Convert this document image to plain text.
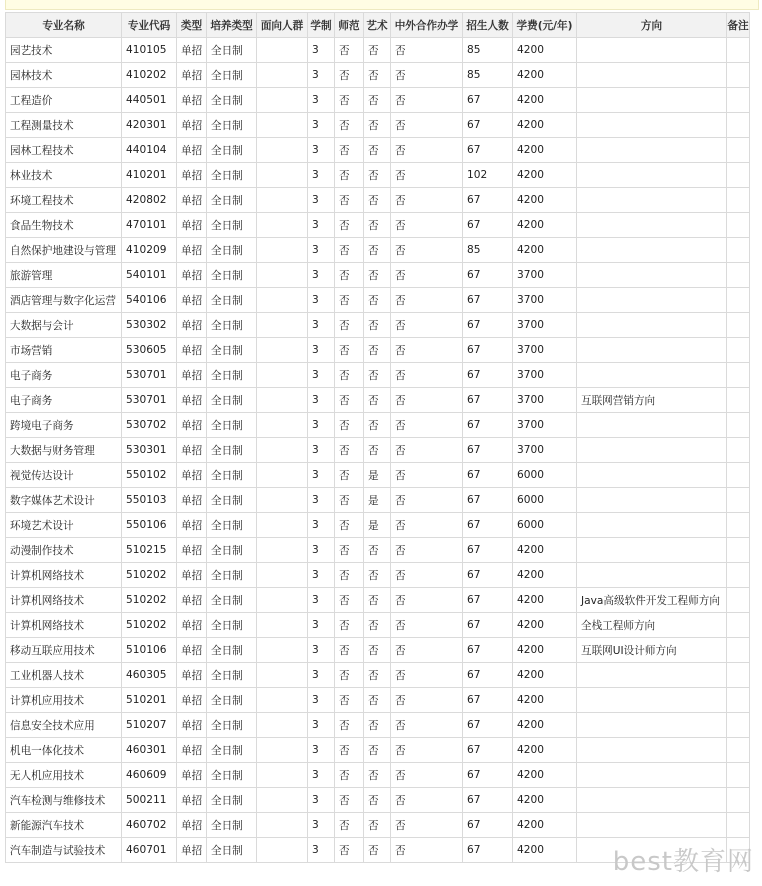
专业名称	专业代码	类型	培养类型	面向人群	学制	师范	艺术	中外合作办学	招生人数	学费(元/年)	方向	备注
园艺技术	410105	单招	全日制		3	否	否	否	85	4200		
园林技术	410202	单招	全日制		3	否	否	否	85	4200		
工程造价	440501	单招	全日制		3	否	否	否	67	4200		
工程测量技术	420301	单招	全日制		3	否	否	否	67	4200		
园林工程技术	440104	单招	全日制		3	否	否	否	67	4200		
林业技术	410201	单招	全日制		3	否	否	否	102	4200		
环境工程技术	420802	单招	全日制		3	否	否	否	67	4200		
食品生物技术	470101	单招	全日制		3	否	否	否	67	4200		
自然保护地建设与管理	410209	单招	全日制		3	否	否	否	85	4200		
旅游管理	540101	单招	全日制		3	否	否	否	67	3700		
酒店管理与数字化运营	540106	单招	全日制		3	否	否	否	67	3700		
大数据与会计	530302	单招	全日制		3	否	否	否	67	3700		
市场营销	530605	单招	全日制		3	否	否	否	67	3700		
电子商务	530701	单招	全日制		3	否	否	否	67	3700		
电子商务	530701	单招	全日制		3	否	否	否	67	3700	互联网营销方向	
跨境电子商务	530702	单招	全日制		3	否	否	否	67	3700		
大数据与财务管理	530301	单招	全日制		3	否	否	否	67	3700		
视觉传达设计	550102	单招	全日制		3	否	是	否	67	6000		
数字媒体艺术设计	550103	单招	全日制		3	否	是	否	67	6000		
环境艺术设计	550106	单招	全日制		3	否	是	否	67	6000		
动漫制作技术	510215	单招	全日制		3	否	否	否	67	4200		
计算机网络技术	510202	单招	全日制		3	否	否	否	67	4200		
计算机网络技术	510202	单招	全日制		3	否	否	否	67	4200	Java高级软件开发工程师方向	
计算机网络技术	510202	单招	全日制		3	否	否	否	67	4200	全栈工程师方向	
移动互联应用技术	510106	单招	全日制		3	否	否	否	67	4200	互联网UI设计师方向	
工业机器人技术	460305	单招	全日制		3	否	否	否	67	4200		
计算机应用技术	510201	单招	全日制		3	否	否	否	67	4200		
信息安全技术应用	510207	单招	全日制		3	否	否	否	67	4200		
机电一体化技术	460301	单招	全日制		3	否	否	否	67	4200		
无人机应用技术	460609	单招	全日制		3	否	否	否	67	4200		
汽车检测与维修技术	500211	单招	全日制		3	否	否	否	67	4200		
新能源汽车技术	460702	单招	全日制		3	否	否	否	67	4200		
汽车制造与试验技术	460701	单招	全日制		3	否	否	否	67	4200			best教育网
